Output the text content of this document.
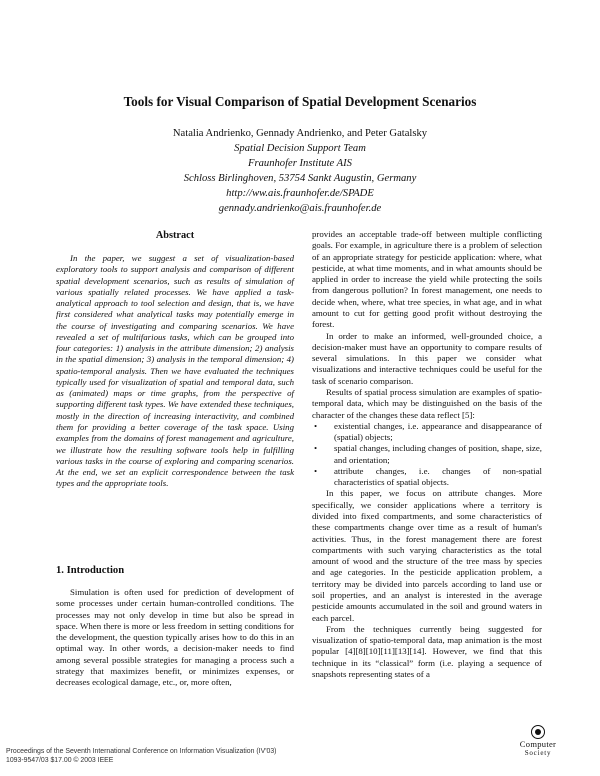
Tools for Visual Comparison of Spatial Development Scenarios
Natalia Andrienko, Gennady Andrienko, and Peter Gatalsky
Spatial Decision Support Team
Fraunhofer Institute AIS
Schloss Birlinghoven, 53754 Sankt Augustin, Germany
http://ww.ais.fraunhofer.de/SPADE
gennady.andrienko@ais.fraunhofer.de
Abstract

In the paper, we suggest a set of visualization-based exploratory tools to support analysis and comparison of different spatial development scenarios, such as results of simulation of various spatially related processes. We have applied a task-analytical approach to tool selection and design, that is, we have first considered what analytical tasks may potentially emerge in the course of investigating and comparing scenarios. We have revealed a set of multifarious tasks, which can be grouped into four categories: 1) analysis in the attribute dimension; 2) analysis in the spatial dimension; 3) analysis in the temporal dimension; 4) spatio-temporal analysis. Then we have evaluated the techniques typically used for visualization of spatial and temporal data, such as (animated) maps or time graphs, from the perspective of supporting different task types. We have extended these techniques, mostly in the direction of increasing interactivity, and combined them for providing a better coverage of the task space. Using examples from the domains of forest management and agriculture, we illustrate how the resulting software tools help in fulfilling various tasks in the course of exploring and comparing scenarios. At the end, we set an explicit correspondence between the task types and the appropriate tools.

1. Introduction

Simulation is often used for prediction of development of some processes under certain human-controlled conditions. The processes may not only develop in time but also be spread in space. When there is more or less freedom in setting conditions for the development, the question typically arises how to do this in an optimal way. In other words, a decision-maker needs to find among several possible strategies for managing a process such a strategy that maximizes benefit, or minimizes expenses, or decreases ecological damage, etc., or, more often,

provides an acceptable trade-off between multiple conflicting goals. For example, in agriculture there is a problem of selection of an appropriate strategy for pesticide application: where, what pesticide, at what time moments, and in what amounts should be applied in order to increase the yield while protecting the soils from dangerous pollution? In forest management, one needs to decide when, where, what tree species, in what age, and in what amount to cut for getting good profit without destroying the forest.

In order to make an informed, well-grounded choice, a decision-maker must have an opportunity to compare results of several simulations. In this paper we consider what visualizations and interactive techniques could be useful for the task of scenario comparison.

Results of spatial process simulation are examples of spatio-temporal data, which may be distinguished on the basis of the character of the changes these data reflect [5]:

• existential changes, i.e. appearance and disappearance of (spatial) objects;
• spatial changes, including changes of position, shape, size, and orientation;
• attribute changes, i.e. changes of non-spatial characteristics of spatial objects.

In this paper, we focus on attribute changes. More specifically, we consider applications where a territory is divided into fixed compartments, and some characteristics of these compartments change over time as a result of human's activities. Thus, in the forest management there are forest compartments with such varying characteristics as the total amount of wood and the structure of the tree mass by species and age categories. In the pesticide application problem, a territory may be divided into parcels according to land use or soil properties, and an analyst is interested in the average pesticide amounts accumulated in the soil and ground waters in each parcel.

From the techniques currently being suggested for visualization of spatio-temporal data, map animation is the most popular [4][8][10][11][13][14]. However, we find that this technique in its “classical” form (i.e. playing a sequence of snapshots representing states of a

Proceedings of the Seventh International Conference on Information Visualization (IV'03)
1093-9547/03 $17.00 © 2003 IEEE
Computer
Society
